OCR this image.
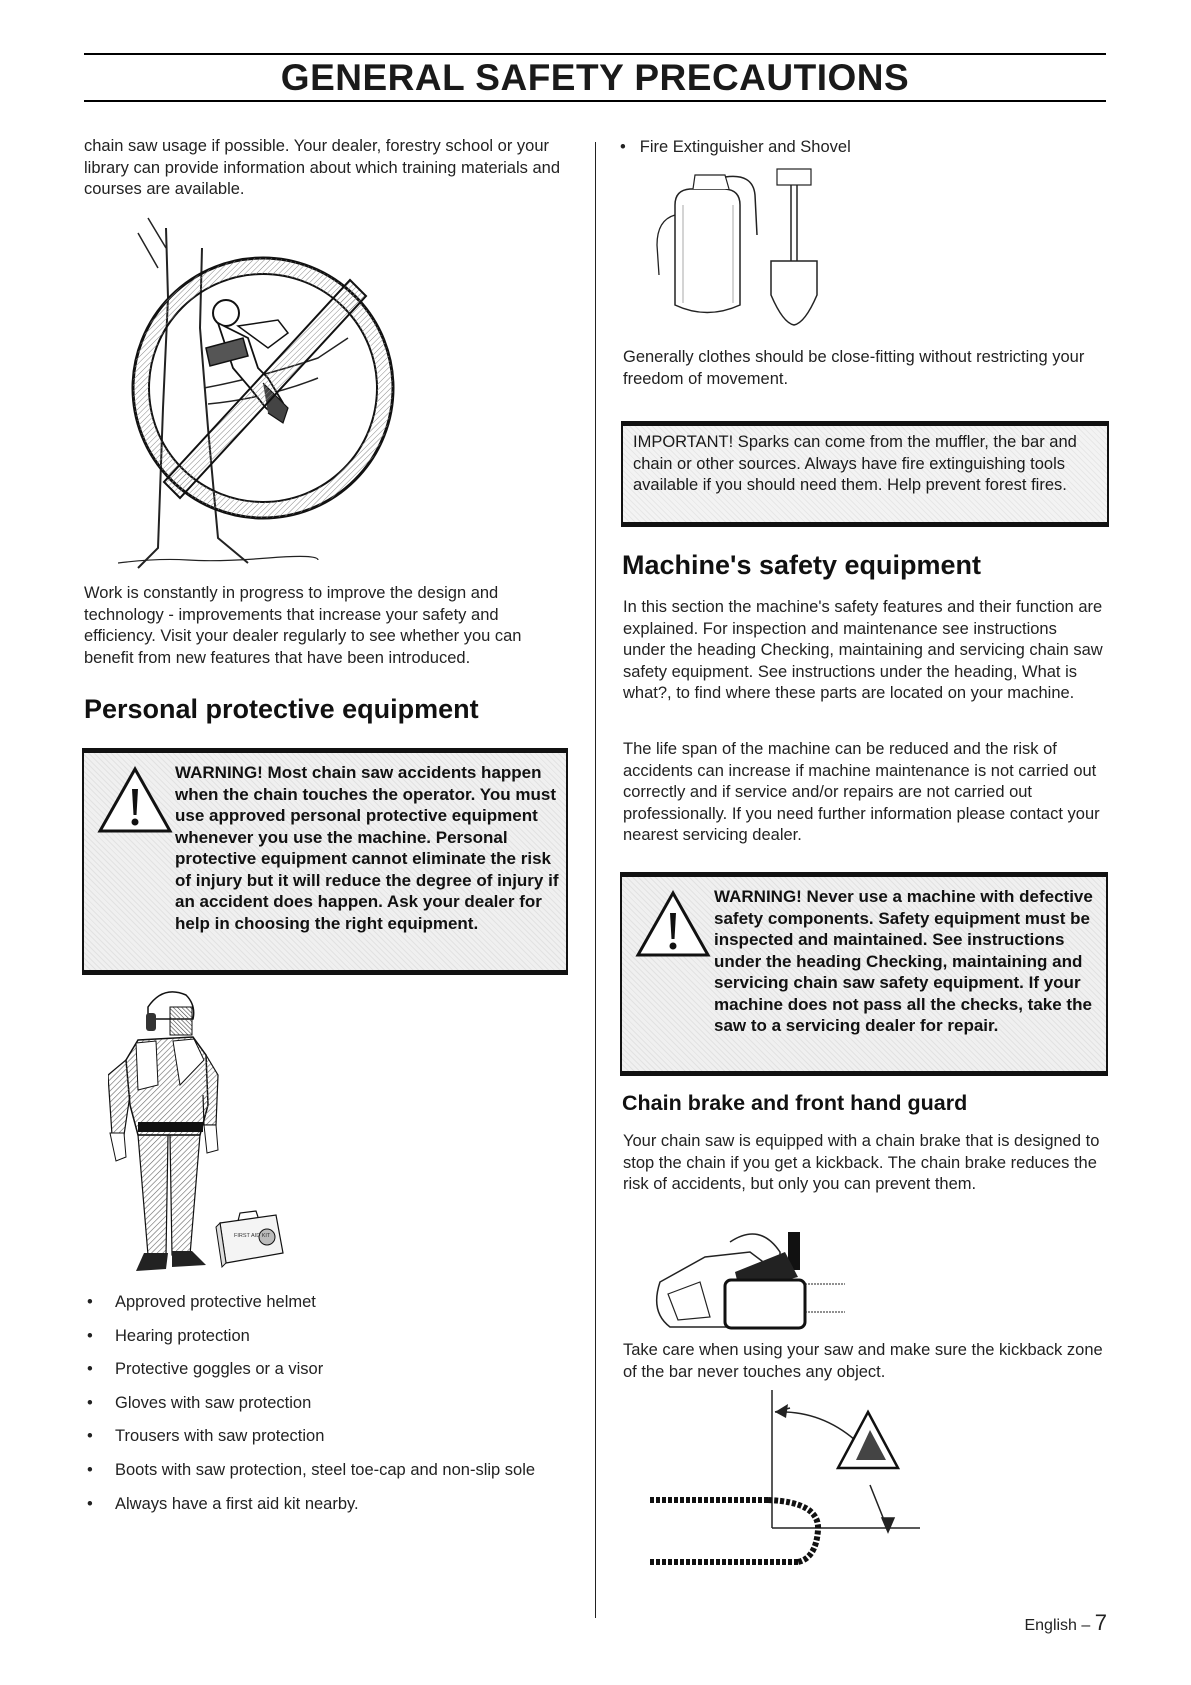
GENERAL SAFETY PRECAUTIONS

chain saw usage if possible. Your dealer, forestry school or your library can provide information about which training materials and courses are available.

Work is constantly in progress to improve the design and technology - improvements that increase your safety and efficiency. Visit your dealer regularly to see whether you can benefit from new features that have been introduced.

Personal protective equipment

WARNING! Most chain saw accidents happen when the chain touches the operator. You must use approved personal protective equipment whenever you use the machine. Personal protective equipment cannot eliminate the risk of injury but it will reduce the degree of injury if an accident does happen. Ask your dealer for help in choosing the right equipment.

FIRST AID KIT
• Approved protective helmet
• Hearing protection
• Protective goggles or a visor
• Gloves with saw protection
• Trousers with saw protection
• Boots with saw protection, steel toe-cap and non-slip sole
• Always have a first aid kit nearby.
• Fire Extinguisher and Shovel

Generally clothes should be close-fitting without restricting your freedom of movement.

IMPORTANT! Sparks can come from the muffler, the bar and chain or other sources. Always have fire extinguishing tools available if you should need them. Help prevent forest fires.

Machine's safety equipment

In this section the machine's safety features and their function are explained. For inspection and maintenance see instructions under the heading Checking, maintaining and servicing chain saw safety equipment. See instructions under the heading, What is what?, to find where these parts are located on your machine.

The life span of the machine can be reduced and the risk of accidents can increase if machine maintenance is not carried out correctly and if service and/or repairs are not carried out professionally. If you need further information please contact your nearest servicing dealer.

WARNING! Never use a machine with defective safety components. Safety equipment must be inspected and maintained. See instructions under the heading Checking, maintaining and servicing chain saw safety equipment. If your machine does not pass all the checks, take the saw to a servicing dealer for repair.

Chain brake and front hand guard

Your chain saw is equipped with a chain brake that is designed to stop the chain if you get a kickback. The chain brake reduces the risk of accidents, but only you can prevent them.

Take care when using your saw and make sure the kickback zone of the bar never touches any object.

English – 7
